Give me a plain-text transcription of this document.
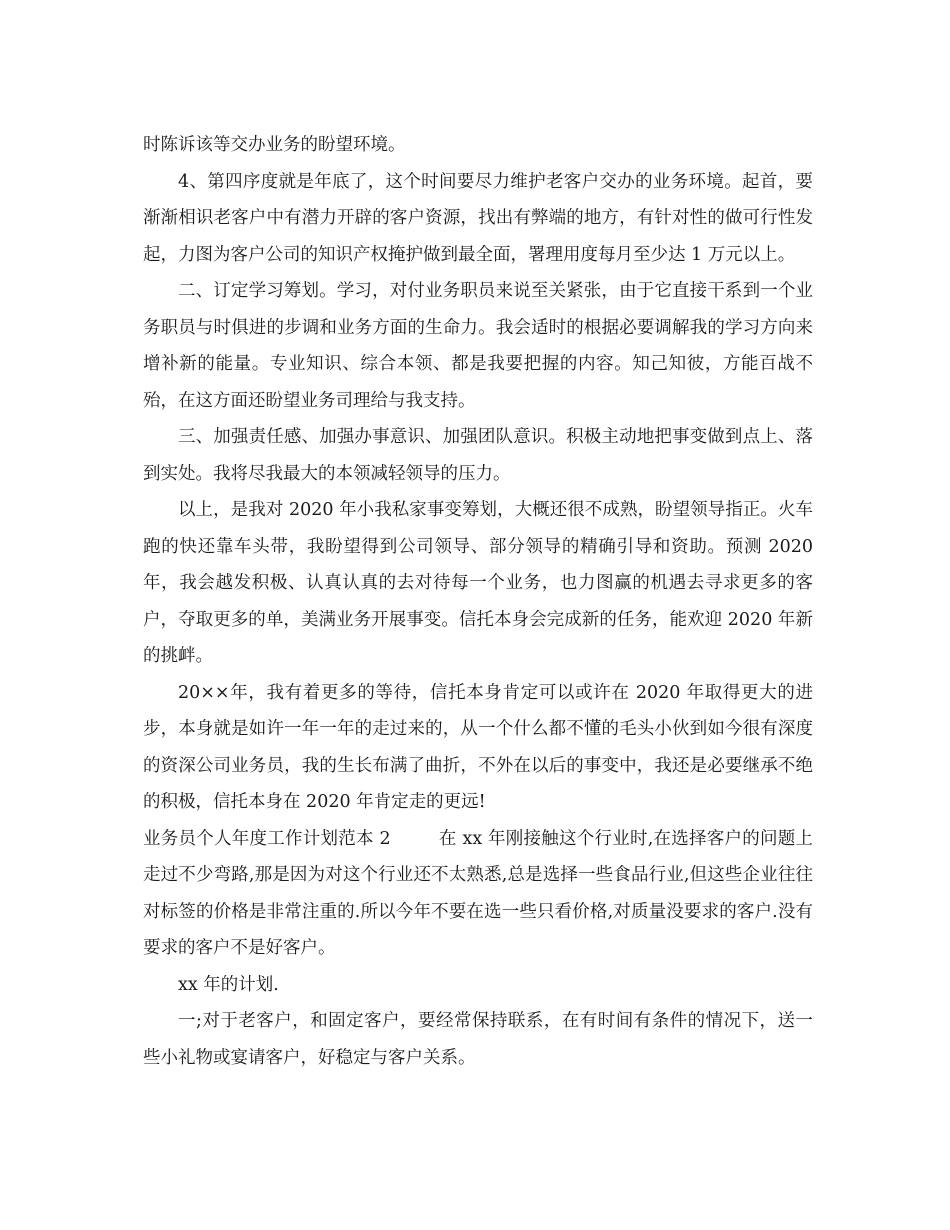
时陈诉该等交办业务的盼望环境。

4、第四序度就是年底了，这个时间要尽力维护老客户交办的业务环境。起首，要渐渐相识老客户中有潜力开辟的客户资源，找出有弊端的地方，有针对性的做可行性发起，力图为客户公司的知识产权掩护做到最全面，署理用度每月至少达 1 万元以上。

二、订定学习筹划。学习，对付业务职员来说至关紧张，由于它直接干系到一个业务职员与时俱进的步调和业务方面的生命力。我会适时的根据必要调解我的学习方向来增补新的能量。专业知识、综合本领、都是我要把握的内容。知己知彼，方能百战不殆，在这方面还盼望业务司理给与我支持。

三、加强责任感、加强办事意识、加强团队意识。积极主动地把事变做到点上、落到实处。我将尽我最大的本领减轻领导的压力。

以上，是我对 2020 年小我私家事变筹划，大概还很不成熟，盼望领导指正。火车跑的快还靠车头带，我盼望得到公司领导、部分领导的精确引导和资助。预测 2020 年，我会越发积极、认真认真的去对待每一个业务，也力图赢的机遇去寻求更多的客户，夺取更多的单，美满业务开展事变。信托本身会完成新的任务，能欢迎 2020 年新的挑衅。

20××年，我有着更多的等待，信托本身肯定可以或许在 2020 年取得更大的进步，本身就是如许一年一年的走过来的，从一个什么都不懂的毛头小伙到如今很有深度的资深公司业务员，我的生长布满了曲折，不外在以后的事变中，我还是必要继承不绝的积极，信托本身在 2020 年肯定走的更远!

业务员个人年度工作计划范本 2	在 xx 年刚接触这个行业时,在选择客户的问题上走过不少弯路,那是因为对这个行业还不太熟悉,总是选择一些食品行业,但这些企业往往对标签的价格是非常注重的.所以今年不要在选一些只看价格,对质量没要求的客户.没有要求的客户不是好客户。

xx 年的计划.

一;对于老客户，和固定客户，要经常保持联系，在有时间有条件的情况下，送一些小礼物或宴请客户，好稳定与客户关系。
